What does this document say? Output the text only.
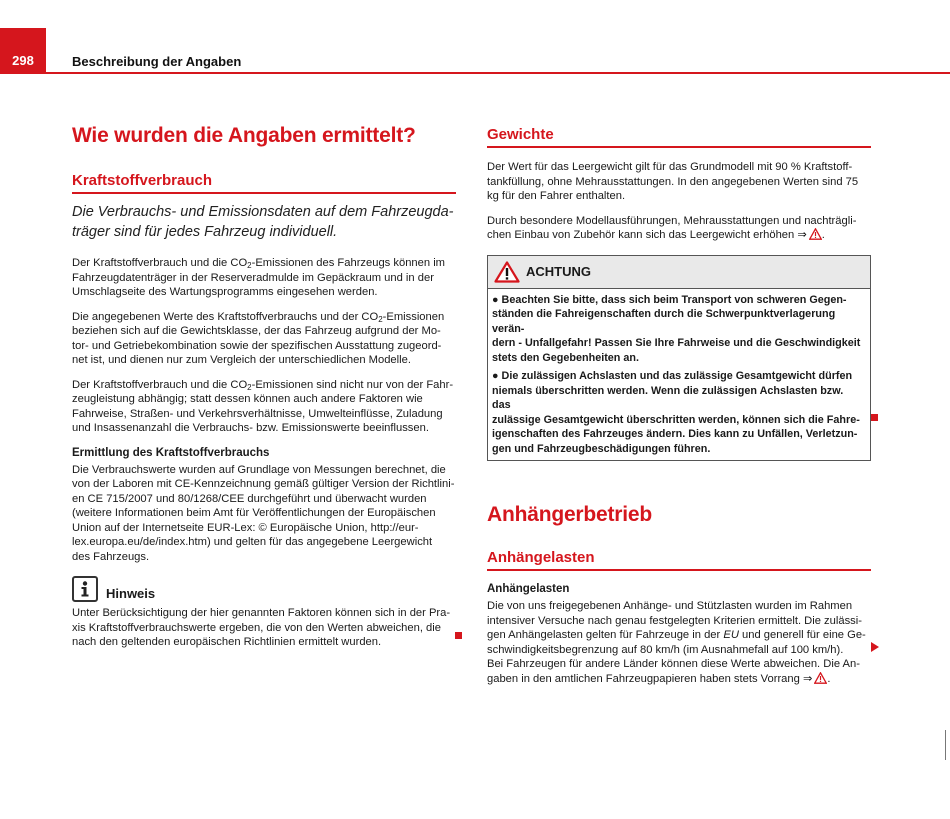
298	Beschreibung der Angaben
Wie wurden die Angaben ermittelt?
Kraftstoffverbrauch

Die Verbrauchs- und Emissionsdaten auf dem Fahrzeugda-
träger sind für jedes Fahrzeug individuell.

Der Kraftstoffverbrauch und die $CO_2$-Emissionen des Fahrzeugs können im
Fahrzeugdatenträger in der Reserveradmulde im Gepäckraum und in der
Umschlagseite des Wartungsprogramms eingesehen werden.

Die angegebenen Werte des Kraftstoffverbrauchs und der $CO_2$-Emissionen
beziehen sich auf die Gewichtsklasse, der das Fahrzeug aufgrund der Mo-
tor- und Getriebekombination sowie der spezifischen Ausstattung zugeord-
net ist, und dienen nur zum Vergleich der unterschiedlichen Modelle.

Der Kraftstoffverbrauch und die $CO_2$-Emissionen sind nicht nur von der Fahr-
zeugleistung abhängig; statt dessen können auch andere Faktoren wie
Fahrweise, Straßen- und Verkehrsverhältnisse, Umwelteinflüsse, Zuladung
und Insassenanzahl die Verbrauchs- bzw. Emissionswerte beeinflussen.

Ermittlung des Kraftstoffverbrauchs

Die Verbrauchswerte wurden auf Grundlage von Messungen berechnet, die
von der Laboren mit CE-Kennzeichnung gemäß gültiger Version der Richtlini-
en CE 715/2007 und 80/1268/CEE durchgeführt und überwacht wurden
(weitere Informationen beim Amt für Veröffentlichungen der Europäischen
Union auf der Internetseite EUR-Lex: © Europäische Union, http://eur-
lex.europa.eu/de/index.htm) und gelten für das angegebene Leergewicht
des Fahrzeugs.

Hinweis

Unter Berücksichtigung der hier genannten Faktoren können sich in der Pra-
xis Kraftstoffverbrauchswerte ergeben, die von den Werten abweichen, die
nach den geltenden europäischen Richtlinien ermittelt wurden.

Gewichte

Der Wert für das Leergewicht gilt für das Grundmodell mit 90 % Kraftstoff-
tankfüllung, ohne Mehrausstattungen. In den angegebenen Werten sind 75
kg für den Fahrer enthalten.

Durch besondere Modellausführungen, Mehrausstattungen und nachträgli-
chen Einbau von Zubehör kann sich das Leergewicht erhöhen ⇒ .

ACHTUNG

● Beachten Sie bitte, dass sich beim Transport von schweren Gegen-
ständen die Fahreigenschaften durch die Schwerpunktverlagerung verän-
dern - Unfallgefahr! Passen Sie Ihre Fahrweise und die Geschwindigkeit
stets den Gegebenheiten an.

● Die zulässigen Achslasten und das zulässige Gesamtgewicht dürfen
niemals überschritten werden. Wenn die zulässigen Achslasten bzw. das
zulässige Gesamtgewicht überschritten werden, können sich die Fahre-
igenschaften des Fahrzeuges ändern. Dies kann zu Unfällen, Verletzun-
gen und Fahrzeugbeschädigungen führen.

Anhängerbetrieb
Anhängelasten
Anhängelasten

Die von uns freigegebenen Anhänge- und Stützlasten wurden im Rahmen
intensiver Versuche nach genau festgelegten Kriterien ermittelt. Die zulässi-
gen Anhängelasten gelten für Fahrzeuge in der EU und generell für eine Ge-
schwindigkeitsbegrenzung auf 80 km/h (im Ausnahmefall auf 100 km/h).
Bei Fahrzeugen für andere Länder können diese Werte abweichen. Die An-
gaben in den amtlichen Fahrzeugpapieren haben stets Vorrang ⇒ .
